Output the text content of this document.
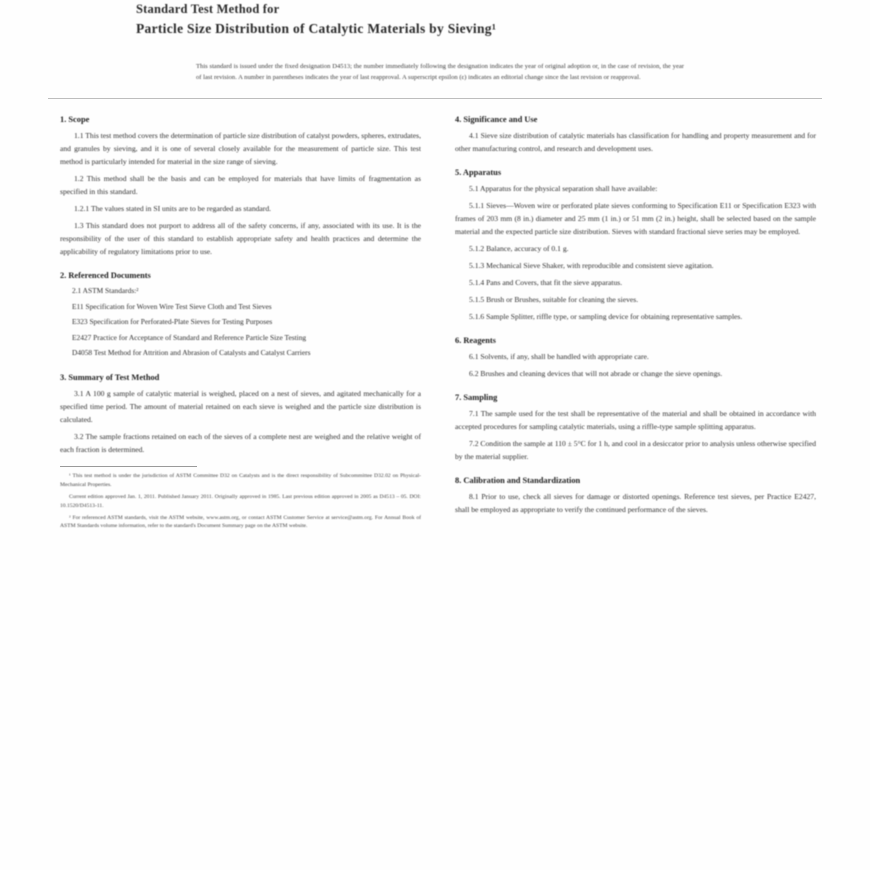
Standard Test Method for
Particle Size Distribution of Catalytic Materials by Sieving¹
This standard is issued under the fixed designation D4513; the number immediately following the designation indicates the year of original adoption or, in the case of revision, the year of last revision. A number in parentheses indicates the year of last reapproval. A superscript epsilon (ε) indicates an editorial change since the last revision or reapproval.
1. Scope

1.1 This test method covers the determination of particle size distribution of catalyst powders, spheres, extrudates, and granules by sieving, and it is one of several closely available for the measurement of particle size. This test method is particularly intended for material in the size range of sieving.

1.2 This method shall be the basis and can be employed for materials that have limits of fragmentation as specified in this standard.

1.2.1 The values stated in SI units are to be regarded as standard.

1.3 This standard does not purport to address all of the safety concerns, if any, associated with its use. It is the responsibility of the user of this standard to establish appropriate safety and health practices and determine the applicability of regulatory limitations prior to use.

2. Referenced Documents

2.1 ASTM Standards:²

E11 Specification for Woven Wire Test Sieve Cloth and Test Sieves

E323 Specification for Perforated-Plate Sieves for Testing Purposes

E2427 Practice for Acceptance of Standard and Reference Particle Size Testing

D4058 Test Method for Attrition and Abrasion of Catalysts and Catalyst Carriers

3. Summary of Test Method

3.1 A 100 g sample of catalytic material is weighed, placed on a nest of sieves, and agitated mechanically for a specified time period. The amount of material retained on each sieve is weighed and the particle size distribution is calculated.

3.2 The sample fractions retained on each of the sieves of a complete nest are weighed and the relative weight of each fraction is determined.

¹ This test method is under the jurisdiction of ASTM Committee D32 on Catalysts and is the direct responsibility of Subcommittee D32.02 on Physical-Mechanical Properties.

Current edition approved Jan. 1, 2011. Published January 2011. Originally approved in 1985. Last previous edition approved in 2005 as D4513 – 05. DOI: 10.1520/D4513-11.

² For referenced ASTM standards, visit the ASTM website, www.astm.org, or contact ASTM Customer Service at service@astm.org. For Annual Book of ASTM Standards volume information, refer to the standard's Document Summary page on the ASTM website.

4. Significance and Use

4.1 Sieve size distribution of catalytic materials has classification for handling and property measurement and for other manufacturing control, and research and development uses.

5. Apparatus

5.1 Apparatus for the physical separation shall have available:

5.1.1 Sieves—Woven wire or perforated plate sieves conforming to Specification E11 or Specification E323 with frames of 203 mm (8 in.) diameter and 25 mm (1 in.) or 51 mm (2 in.) height, shall be selected based on the sample material and the expected particle size distribution. Sieves with standard fractional sieve series may be employed.

5.1.2 Balance, accuracy of 0.1 g.

5.1.3 Mechanical Sieve Shaker, with reproducible and consistent sieve agitation.

5.1.4 Pans and Covers, that fit the sieve apparatus.

5.1.5 Brush or Brushes, suitable for cleaning the sieves.

5.1.6 Sample Splitter, riffle type, or sampling device for obtaining representative samples.

6. Reagents

6.1 Solvents, if any, shall be handled with appropriate care.

6.2 Brushes and cleaning devices that will not abrade or change the sieve openings.

7. Sampling

7.1 The sample used for the test shall be representative of the material and shall be obtained in accordance with accepted procedures for sampling catalytic materials, using a riffle-type sample splitting apparatus.

7.2 Condition the sample at 110 ± 5°C for 1 h, and cool in a desiccator prior to analysis unless otherwise specified by the material supplier.

8. Calibration and Standardization

8.1 Prior to use, check all sieves for damage or distorted openings. Reference test sieves, per Practice E2427, shall be employed as appropriate to verify the continued performance of the sieves.
